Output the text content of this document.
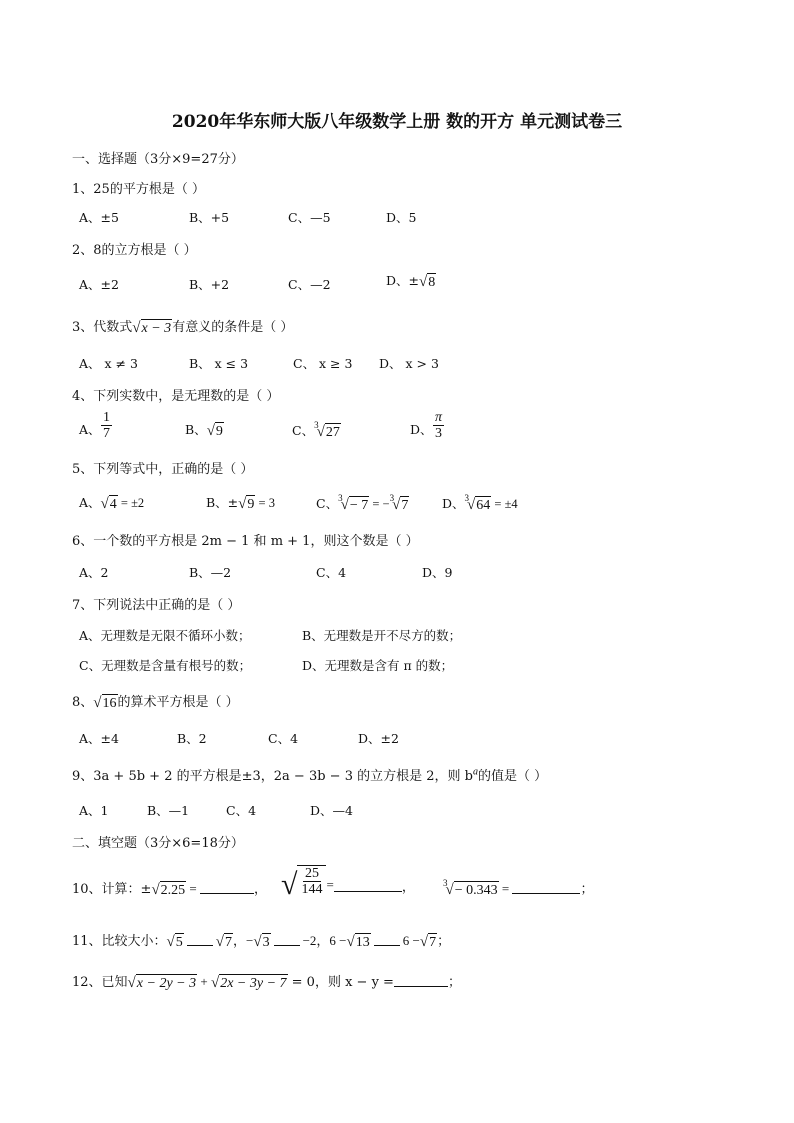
2020年华东师大版八年级数学上册 数的开方 单元测试卷三
一、选择题（3分×9=27分）
1、25的平方根是（ ）
A、±5	B、+5	C、—5	D、5
2、8的立方根是（ ）
A、±2	B、+2	C、—2	D、± √ 8
3、代数式 √ x − 3 有意义的条件是（ ）
A、 x ≠ 3	B、 x ≤ 3	C、 x ≥ 3 D、 x > 3
4、下列实数中，是无理数的是（ ）
A、 $\frac{1}{7}$	B、 √ 9	C、$^3$
√ 27	D、 $\frac{\pi}{3}$
5、下列等式中，正确的是（ ）
A、 √ 4 = ±2	B、± √ 9 = 3	C、$^3$
√ − 7 = −$^3$
√ 7	D、$^3$
√ 64 = ±4
6、一个数的平方根是 2m − 1 和 m + 1，则这个数是（ ）
A、2	B、—2	C、4	D、9
7、下列说法中正确的是（ ）
A、无理数是无限不循环小数；	B、无理数是开不尽方的数；
C、无理数是含量有根号的数；	D、无理数是含有 π 的数；
8、 √ 16 的算术平方根是（ ）
A、±4	B、2	C、4	D、±2
9、3a + 5b + 2 的平方根是±3，2a − 3b − 3 的立方根是 2，则 $b^a$的值是（ ）
A、1	B、—1	C、4	D、—4
二、填空题（3分×6=18分）
10、计算：± √ 2.25 =	， √ $\frac{25}{144}$ =	，	$^3$
√ − 0.343 =	；
11、比较大小： √ 5 √ 7 ，− √ 3	−2，6 − √ 13	6 − √ 7 ；
12、已知 √ x − 2y − 3 + √ 2x − 3y − 7 = 0，则 x − y =	；
